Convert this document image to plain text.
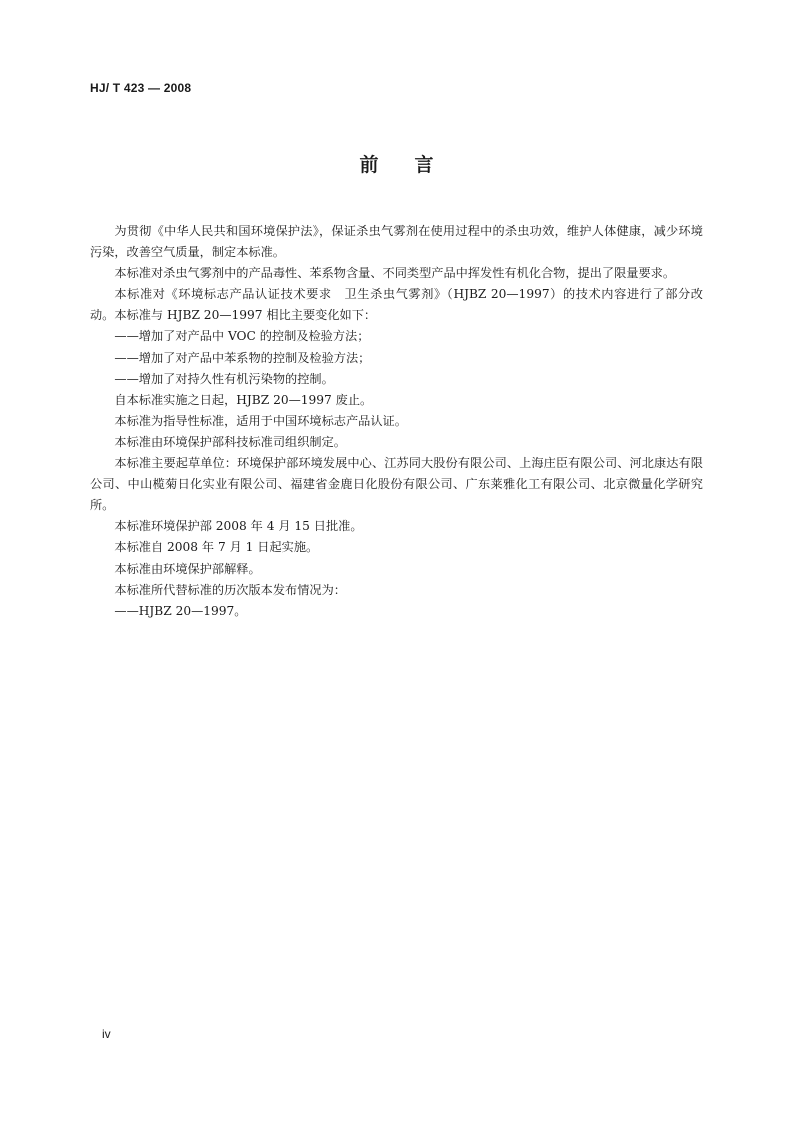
HJ/ T 423 — 2008
前 言

为贯彻《中华人民共和国环境保护法》，保证杀虫气雾剂在使用过程中的杀虫功效，维护人体健康，减少环境污染，改善空气质量，制定本标准。

本标准对杀虫气雾剂中的产品毒性、苯系物含量、不同类型产品中挥发性有机化合物，提出了限量要求。

本标准对《环境标志产品认证技术要求　卫生杀虫气雾剂》（HJBZ 20—1997）的技术内容进行了部分改动。本标准与 HJBZ 20—1997 相比主要变化如下：

——增加了对产品中 VOC 的控制及检验方法；

——增加了对产品中苯系物的控制及检验方法；

——增加了对持久性有机污染物的控制。

自本标准实施之日起，HJBZ 20—1997 废止。

本标准为指导性标准，适用于中国环境标志产品认证。

本标准由环境保护部科技标准司组织制定。

本标准主要起草单位：环境保护部环境发展中心、江苏同大股份有限公司、上海庄臣有限公司、河北康达有限公司、中山榄菊日化实业有限公司、福建省金鹿日化股份有限公司、广东莱雅化工有限公司、北京微量化学研究所。

本标准环境保护部 2008 年 4 月 15 日批准。

本标准自 2008 年 7 月 1 日起实施。

本标准由环境保护部解释。

本标准所代替标准的历次版本发布情况为：

——HJBZ 20—1997。

iv
